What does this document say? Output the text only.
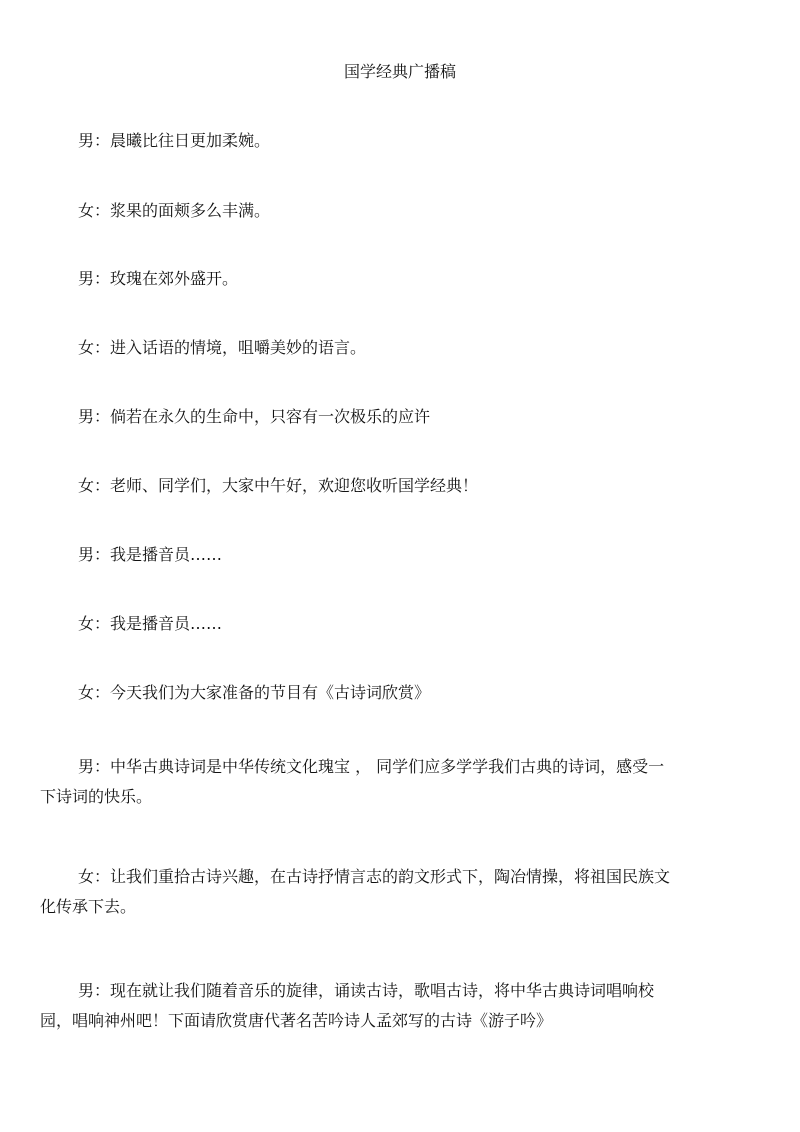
国学经典广播稿

男：晨曦比往日更加柔婉。

女：浆果的面颊多么丰满。

男：玫瑰在郊外盛开。

女：进入话语的情境，咀嚼美妙的语言。

男：倘若在永久的生命中，只容有一次极乐的应许

女：老师、同学们，大家中午好，欢迎您收听国学经典！

男：我是播音员……

女：我是播音员……

女：今天我们为大家准备的节目有《古诗词欣赏》

男：中华古典诗词是中华传统文化瑰宝 ， 同学们应多学学我们古典的诗词，感受一下诗词的快乐。

女：让我们重拾古诗兴趣，在古诗抒情言志的韵文形式下，陶冶情操，将祖国民族文化传承下去。

男：现在就让我们随着音乐的旋律，诵读古诗，歌唱古诗，将中华古典诗词唱响校园，唱响神州吧！下面请欣赏唐代著名苦吟诗人孟郊写的古诗《游子吟》
